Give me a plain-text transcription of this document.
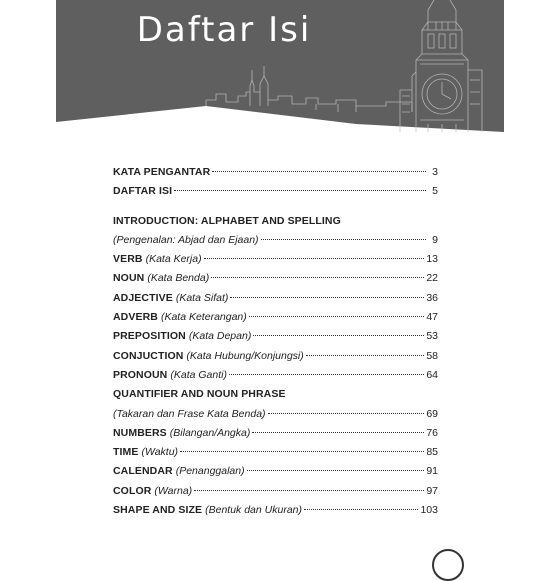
Daftar Isi
KATA PENGANTAR	3
DAFTAR ISI	5
INTRODUCTION: ALPHABET AND SPELLING
(Pengenalan: Abjad dan Ejaan)	9
VERB (Kata Kerja)	13
NOUN (Kata Benda)	22
ADJECTIVE (Kata Sifat)	36
ADVERB (Kata Keterangan)	47
PREPOSITION (Kata Depan)	53
CONJUCTION (Kata Hubung/Konjungsi)	58
PRONOUN (Kata Ganti)	64
QUANTIFIER AND NOUN PHRASE
(Takaran dan Frase Kata Benda)	69
NUMBERS (Bilangan/Angka)	76
TIME (Waktu)	85
CALENDAR (Penanggalan)	91
COLOR (Warna)	97
SHAPE AND SIZE (Bentuk dan Ukuran)	103
